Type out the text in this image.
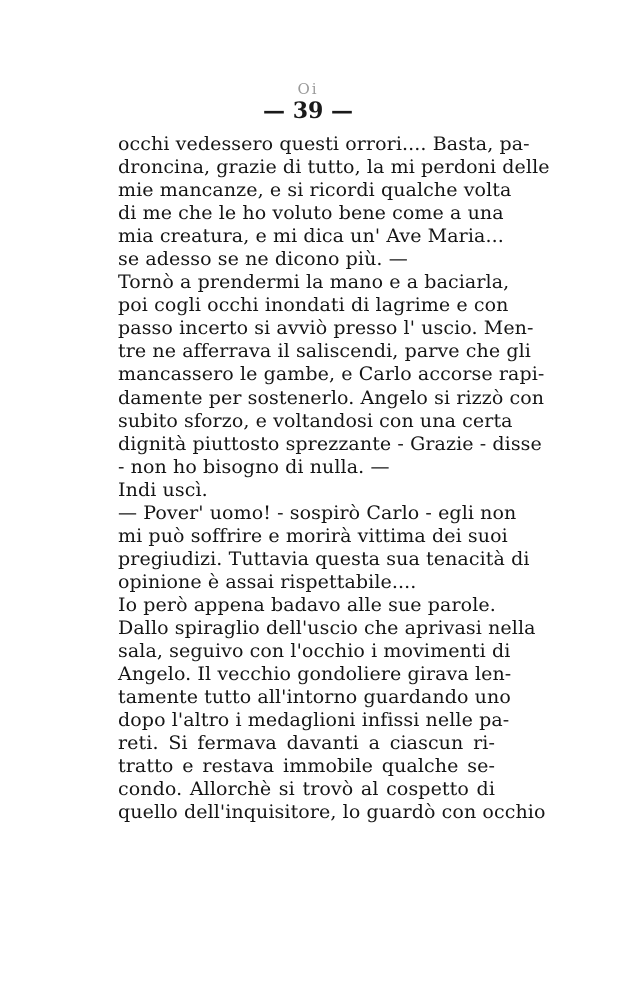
Oi
— 39 —
occhi vedessero questi orrori.... Basta, pa-
droncina, grazie di tutto, la mi perdoni delle
mie mancanze, e si ricordi qualche volta
di me che le ho voluto bene come a una
mia creatura, e mi dica un' Ave Maria...
se adesso se ne dicono più. —
Tornò a prendermi la mano e a baciarla,
poi cogli occhi inondati di lagrime e con
passo incerto si avviò presso l' uscio. Men-
tre ne afferrava il saliscendi, parve che gli
mancassero le gambe, e Carlo accorse rapi-
damente per sostenerlo. Angelo si rizzò con
subito sforzo, e voltandosi con una certa
dignità piuttosto sprezzante - Grazie - disse
- non ho bisogno di nulla. —
Indi uscì.
— Pover' uomo! - sospirò Carlo - egli non
mi può soffrire e morirà vittima dei suoi
pregiudizi. Tuttavia questa sua tenacità di
opinione è assai rispettabile....
Io però appena badavo alle sue parole.
Dallo spiraglio dell'uscio che aprivasi nella
sala, seguivo con l'occhio i movimenti di
Angelo. Il vecchio gondoliere girava len-
tamente tutto all'intorno guardando uno
dopo l'altro i medaglioni infissi nelle pa-
reti. Si fermava davanti a ciascun ri-
tratto e restava immobile qualche se-
condo. Allorchè si trovò al cospetto di
quello dell'inquisitore, lo guardò con occhio
